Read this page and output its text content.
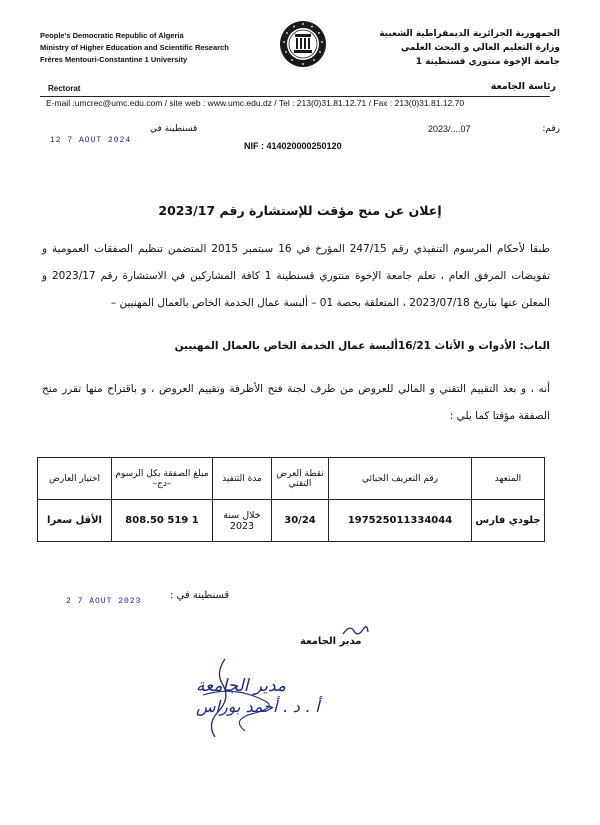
People's Democratic Republic of Algeria
Ministry of Higher Education and Scientific Research
Frères Mentouri-Constantine 1 University
Rectorat
الجمهورية الجزائرية الديمقراطية الشعبية
وزارة التعليم العالي و البحث العلمي
جامعة الإخوة منتوري قسنطينة 1
رئاسة الجامعة
E-mail :umcrec@umc.edu.com / site web : www.umc.edu.dz / Tel : 213(0)31.81.12.71 / Fax : 213(0)31.81.12.70
قسنطينة في
12 7 AOUT 2024
رقم:
2023/....07
NIF : 414020000250120
إعلان عن منح مؤقت للإستشارة رقم 2023/17
طبقا لأحكام المرسوم التنفيذي رقم 247/15 المؤرخ في 16 سبتمبر 2015 المتضمن تنظيم الصفقات العمومية و تفويضات المرفق العام ، تعلم جامعة الإخوة منتوري قسنطينة 1 كافة المشاركين في الاستشارة رقم 2023/17 و المعلن عنها بتاريخ 2023/07/18 ، المتعلقة بحصة 01 – ألبسة عمال الخدمة الخاص بالعمال المهنيين –
الباب: الأدوات و الأثاث 16/21ألبسة عمال الخدمة الخاص بالعمال المهنيين
أنه ، و بعد التقييم التقني و المالي للعروض من طرف لجنة فتح الأظرفة وتقييم العروض ، و باقتراح منها تقرر منح الصفقة مؤقتا كما يلي :
المتعهد	رقم التعريف الجبائي	نقطة العرض التقني	مدة التنفيذ	مبلغ الصفقة بكل الرسوم –دج–	اختيار العارض
جلودي فارس	197525011334044	30/24	خلال سنة 2023	1 519 808.50	الأقل سعرا
2 7 AOUT 2023
قسنطينة في :
مدير الجامعة
مدير الجامعة
أ . د . أحمد بوراس
